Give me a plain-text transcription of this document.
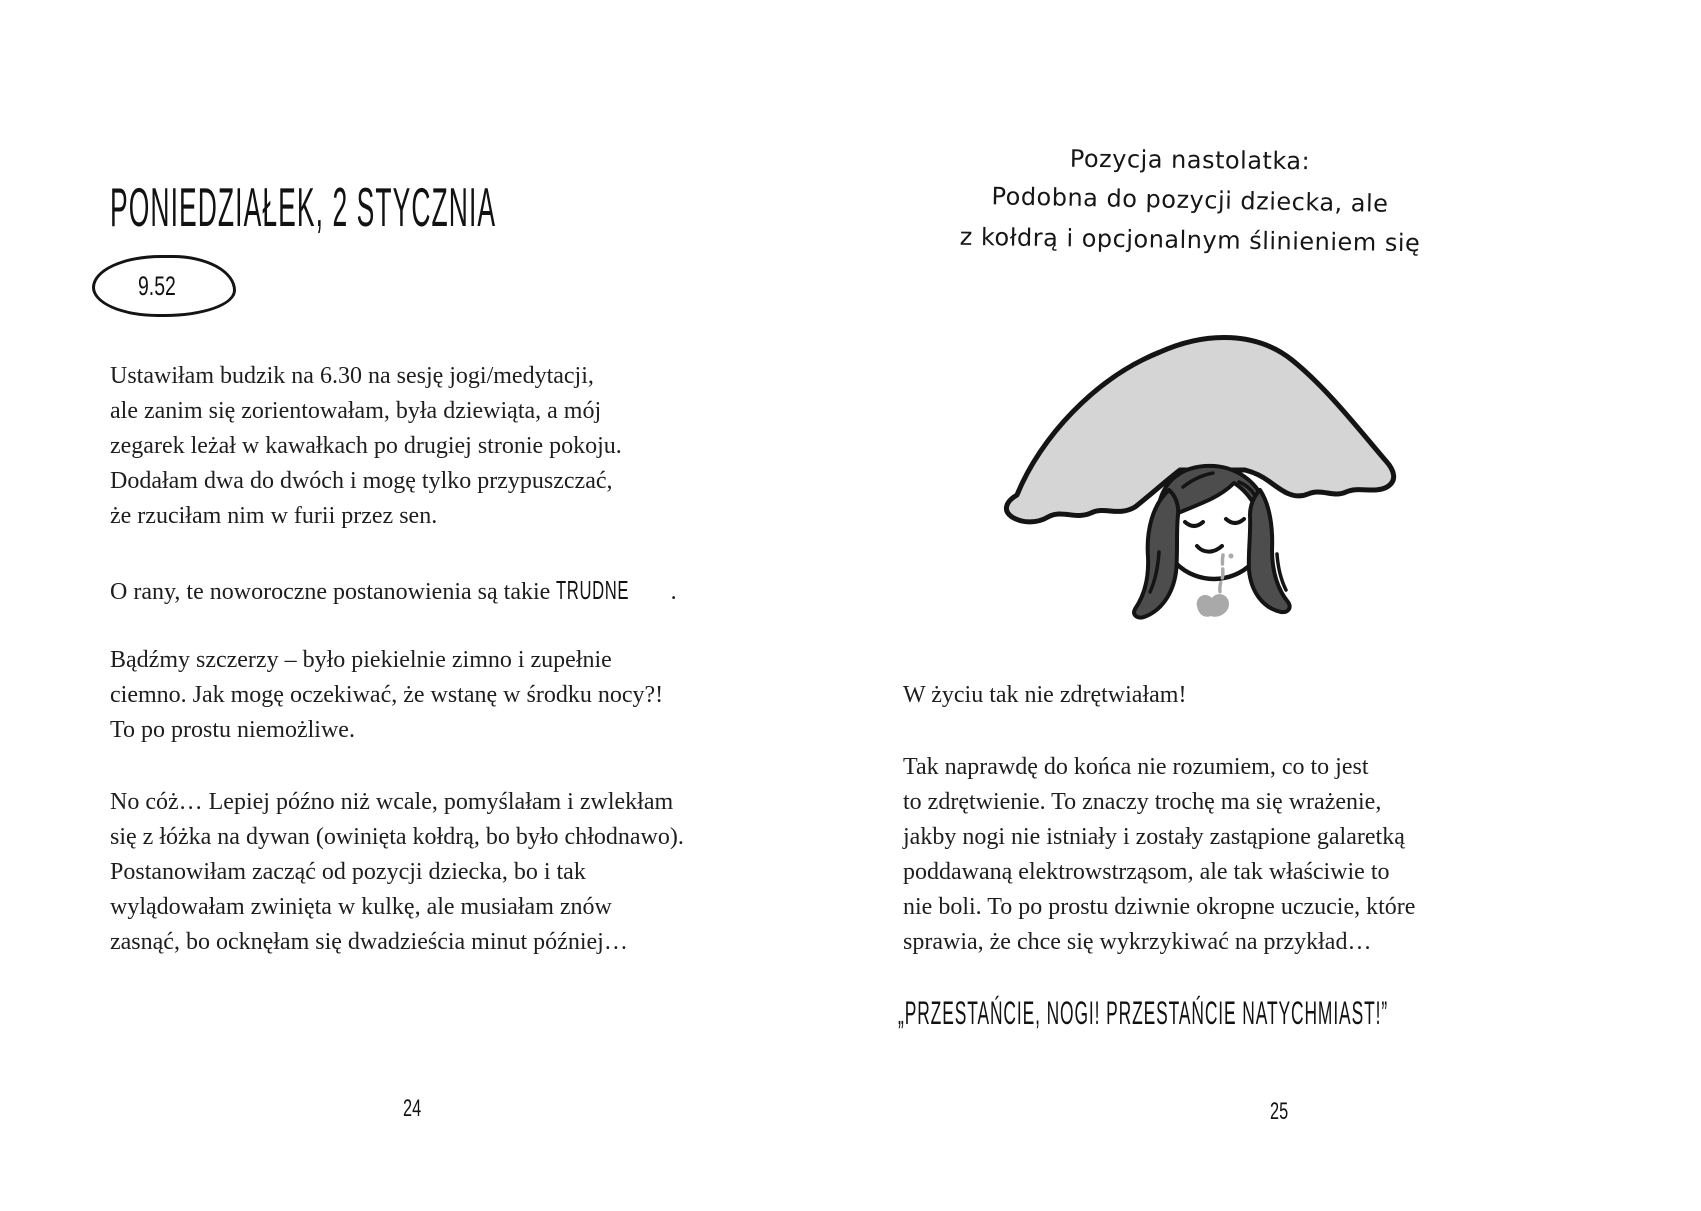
PONIEDZIAŁEK, 2 STYCZNIA
9.52
Ustawiłam budzik na 6.30 na sesję jogi/medytacji,
ale zanim się zorientowałam, była dziewiąta, a mój
zegarek leżał w kawałkach po drugiej stronie pokoju.
Dodałam dwa do dwóch i mogę tylko przypuszczać,
że rzuciłam nim w furii przez sen.
O rany, te noworoczne postanowienia są takie TRUDNE .
Bądźmy szczerzy – było piekielnie zimno i zupełnie
ciemno. Jak mogę oczekiwać, że wstanę w środku nocy?!
To po prostu niemożliwe.
No cóż… Lepiej późno niż wcale, pomyślałam i zwlekłam
się z łóżka na dywan (owinięta kołdrą, bo było chłodnawo).
Postanowiłam zacząć od pozycji dziecka, bo i tak
wylądowałam zwinięta w kulkę, ale musiałam znów
zasnąć, bo ocknęłam się dwadzieścia minut później…
24
Pozycja nastolatka:
Podobna do pozycji dziecka, ale
z kołdrą i opcjonalnym ślinieniem się
W życiu tak nie zdrętwiałam!
Tak naprawdę do końca nie rozumiem, co to jest
to zdrętwienie. To znaczy trochę ma się wrażenie,
jakby nogi nie istniały i zostały zastąpione galaretką
poddawaną elektrowstrząsom, ale tak właściwie to
nie boli. To po prostu dziwnie okropne uczucie, które
sprawia, że chce się wykrzykiwać na przykład…
„PRZESTAŃCIE, NOGI! PRZESTAŃCIE NATYCHMIAST!”
25
